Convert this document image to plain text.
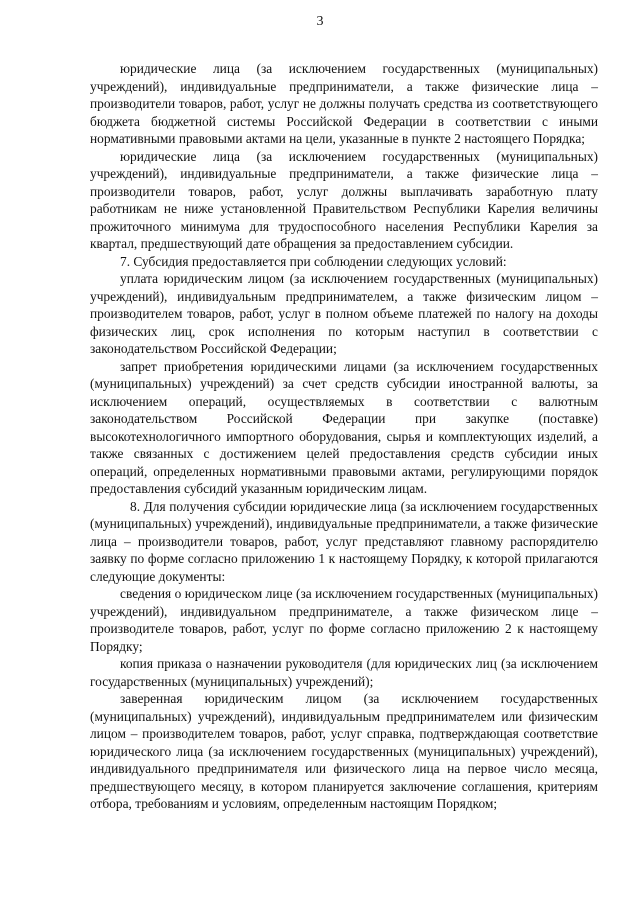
3

юридические лица (за исключением государственных (муниципальных) учреждений), индивидуальные предприниматели, а также физические лица – производители товаров, работ, услуг не должны получать средства из соответствующего бюджета бюджетной системы Российской Федерации в соответствии с иными нормативными правовыми актами на цели, указанные в пункте 2 настоящего Порядка;

юридические лица (за исключением государственных (муниципальных) учреждений), индивидуальные предприниматели, а также физические лица – производители товаров, работ, услуг должны выплачивать заработную плату работникам не ниже установленной Правительством Республики Карелия величины прожиточного минимума для трудоспособного населения Республики Карелия за квартал, предшествующий дате обращения за предоставлением субсидии.

7. Субсидия предоставляется при соблюдении следующих условий:

уплата юридическим лицом (за исключением государственных (муниципальных) учреждений), индивидуальным предпринимателем, а также физическим лицом – производителем товаров, работ, услуг в полном объеме платежей по налогу на доходы физических лиц, срок исполнения по которым наступил в соответствии с законодательством Российской Федерации;

запрет приобретения юридическими лицами (за исключением государственных (муниципальных) учреждений) за счет средств субсидии иностранной валюты, за исключением операций, осуществляемых в соответствии с валютным законодательством Российской Федерации при закупке (поставке) высокотехнологичного импортного оборудования, сырья и комплектующих изделий, а также связанных с достижением целей предоставления средств субсидии иных операций, определенных нормативными правовыми актами, регулирующими порядок предоставления субсидий указанным юридическим лицам.

8. Для получения субсидии юридические лица (за исключением государственных (муниципальных) учреждений), индивидуальные предприниматели, а также физические лица – производители товаров, работ, услуг представляют главному распорядителю заявку по форме согласно приложению 1 к настоящему Порядку, к которой прилагаются следующие документы:

сведения о юридическом лице (за исключением государственных (муниципальных) учреждений), индивидуальном предпринимателе, а также физическом лице – производителе товаров, работ, услуг по форме согласно приложению 2 к настоящему Порядку;

копия приказа о назначении руководителя (для юридических лиц (за исключением государственных (муниципальных) учреждений);

заверенная юридическим лицом (за исключением государственных (муниципальных) учреждений), индивидуальным предпринимателем или физическим лицом – производителем товаров, работ, услуг справка, подтверждающая соответствие юридического лица (за исключением государственных (муниципальных) учреждений), индивидуального предпринимателя или физического лица на первое число месяца, предшествующего месяцу, в котором планируется заключение соглашения, критериям отбора, требованиям и условиям, определенным настоящим Порядком;
